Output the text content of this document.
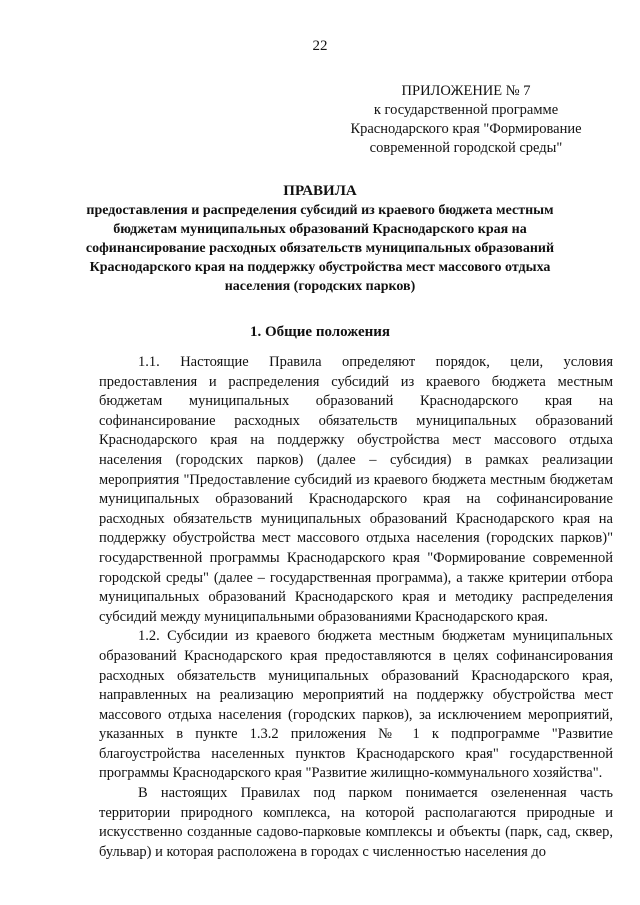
22
ПРИЛОЖЕНИЕ № 7
к государственной программе
Краснодарского края "Формирование
современной городской среды"
ПРАВИЛА
предоставления и распределения субсидий из краевого бюджета местным бюджетам муниципальных образований Краснодарского края на софинансирование расходных обязательств муниципальных образований Краснодарского края на поддержку обустройства мест массового отдыха населения (городских парков)
1. Общие положения

1.1. Настоящие Правила определяют порядок, цели, условия предоставления и распределения субсидий из краевого бюджета местным бюджетам муниципальных образований Краснодарского края на софинансирование расходных обязательств муниципальных образований Краснодарского края на поддержку обустройства мест массового отдыха населения (городских парков) (далее – субсидия) в рамках реализации мероприятия "Предоставление субсидий из краевого бюджета местным бюджетам муниципальных образований Краснодарского края на софинансирование расходных обязательств муниципальных образований Краснодарского края на поддержку обустройства мест массового отдыха населения (городских парков)" государственной программы Краснодарского края "Формирование современной городской среды" (далее – государственная программа), а также критерии отбора муниципальных образований Краснодарского края и методику распределения субсидий между муниципальными образованиями Краснодарского края.

1.2. Субсидии из краевого бюджета местным бюджетам муниципальных образований Краснодарского края предоставляются в целях софинансирования расходных обязательств муниципальных образований Краснодарского края, направленных на реализацию мероприятий на поддержку обустройства мест массового отдыха населения (городских парков), за исключением мероприятий, указанных в пункте 1.3.2 приложения № 1 к подпрограмме "Развитие благоустройства населенных пунктов Краснодарского края" государственной программы Краснодарского края "Развитие жилищно-коммунального хозяйства".

В настоящих Правилах под парком понимается озелененная часть территории природного комплекса, на которой располагаются природные и искусственно созданные садово-парковые комплексы и объекты (парк, сад, сквер, бульвар) и которая расположена в городах с численностью населения до
